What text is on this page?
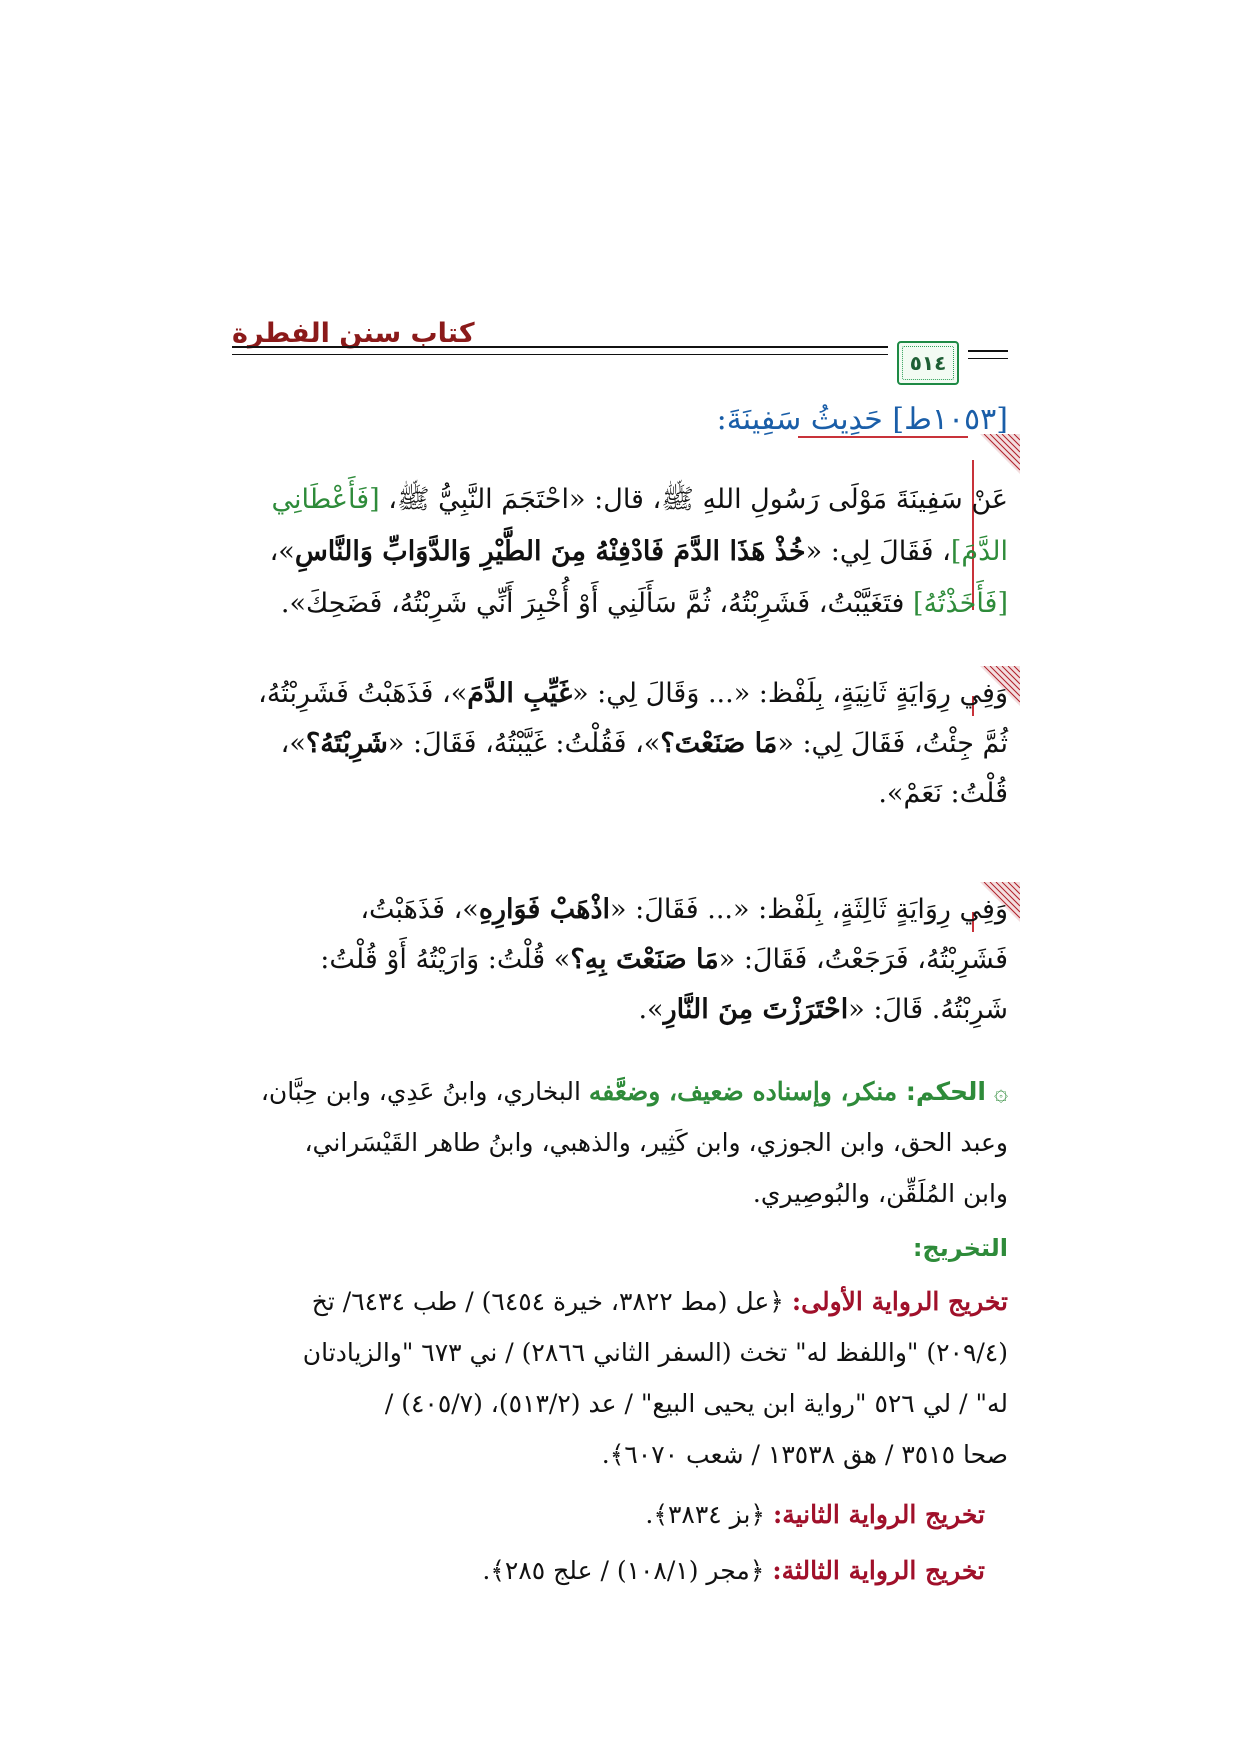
كتاب سنن الفطرة
٥١٤
[١٠٥٣ط] حَدِيثُ سَفِينَةَ:
عَنْ سَفِينَةَ مَوْلَى رَسُولِ اللهِ ﷺ، قال: «احْتَجَمَ النَّبِيُّ ﷺ، [فَأَعْطَانِي
الدَّمَ]، فَقَالَ لِي: «خُذْ هَذَا الدَّمَ فَادْفِنْهُ مِنَ الطَّيْرِ وَالدَّوَابِّ وَالنَّاسِ»،
[فَأَخَذْتُهُ] فتَغَيَّبْتُ، فَشَرِبْتُهُ، ثُمَّ سَأَلَنِي أَوْ أُخْبِرَ أَنِّي شَرِبْتُهُ، فَضَحِكَ».
وَفِي رِوَايَةٍ ثَانِيَةٍ، بِلَفْظ: «... وَقَالَ لِي: «غَيِّبِ الدَّمَ»، فَذَهَبْتُ فَشَرِبْتُهُ،
ثُمَّ جِئْتُ، فَقَالَ لِي: «مَا صَنَعْتَ؟»، فَقُلْتُ: غَيَّبْتُهُ، فَقَالَ: «شَرِبْتَهُ؟»،
قُلْتُ: نَعَمْ».
وَفِي رِوَايَةٍ ثَالِثَةٍ، بِلَفْظ: «... فَقَالَ: «اذْهَبْ فَوَارِهِ»، فَذَهَبْتُ،
فَشَرِبْتُهُ، فَرَجَعْتُ، فَقَالَ: «مَا صَنَعْتَ بِهِ؟» قُلْتُ: وَارَيْتُهُ أَوْ قُلْتُ:
شَرِبْتُهُ. قَالَ: «احْتَرَزْتَ مِنَ النَّارِ».
۞ الحكم: منكر، وإسناده ضعيف، وضعَّفه البخاري، وابنُ عَدِي، وابن حِبَّان،
وعبد الحق، وابن الجوزي، وابن كَثِير، والذهبي، وابنُ طاهر القَيْسَراني،
وابن المُلَقِّن، والبُوصِيري.
التخريج:
تخريج الرواية الأولى: ﴿عل (مط ٣٨٢٢، خيرة ٦٤٥٤) / طب ٦٤٣٤/ تخ
(٢٠٩/٤) "واللفظ له" تخث (السفر الثاني ٢٨٦٦) / ني ٦٧٣ "والزيادتان
له" / لي ٥٢٦ "رواية ابن يحيى البيع" / عد (٥١٣/٢)، (٤٠٥/٧) /
صحا ٣٥١٥ / هق ١٣٥٣٨ / شعب ٦٠٧٠﴾.
تخريج الرواية الثانية: ﴿بز ٣٨٣٤﴾.
تخريج الرواية الثالثة: ﴿مجر (١٠٨/١) / علج ٢٨٥﴾.
